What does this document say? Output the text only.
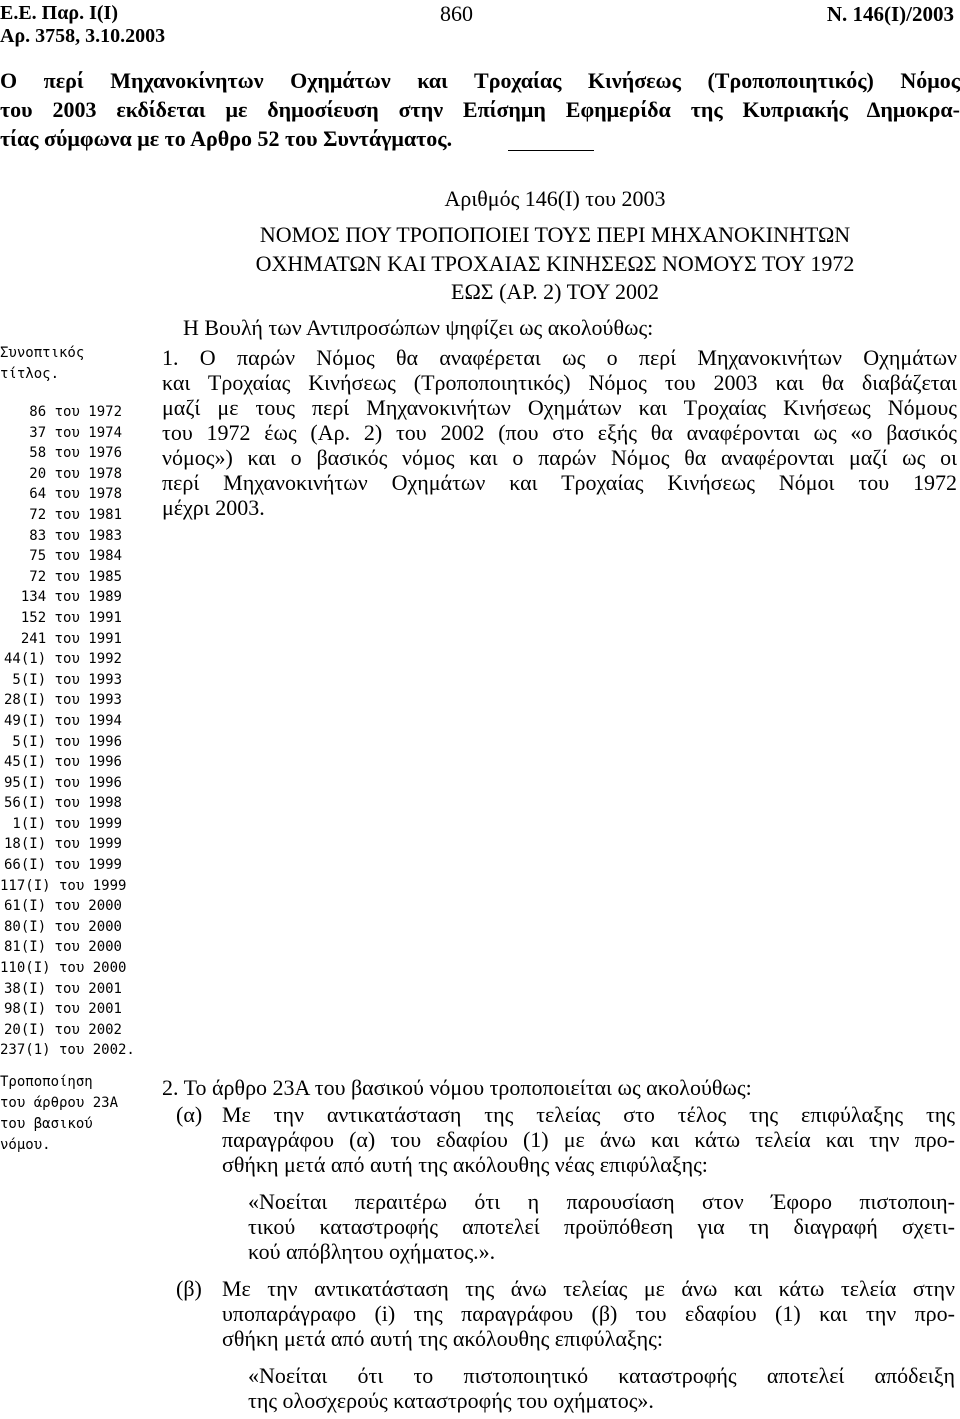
Ε.Ε. Παρ. Ι(Ι)
Αρ. 3758, 3.10.2003
860	Ν. 146(Ι)/2003
Ο περί Μηχανοκίνητων Οχημάτων και Τροχαίας Κινήσεως (Τροποποιητικός) Νόμος
του 2003 εκδίδεται με δημοσίευση στην Επίσημη Εφημερίδα της Κυπριακής Δημοκρα-
τίας σύμφωνα με το Αρθρο 52 του Συντάγματος.
Αριθμός 146(Ι) του 2003
ΝΟΜΟΣ ΠΟΥ ΤΡΟΠΟΠΟΙΕΙ ΤΟΥΣ ΠΕΡΙ ΜΗΧΑΝΟΚΙΝΗΤΩΝ
ΟΧΗΜΑΤΩΝ ΚΑΙ ΤΡΟΧΑΙΑΣ ΚΙΝΗΣΕΩΣ ΝΟΜΟΥΣ ΤΟΥ 1972
ΕΩΣ (ΑΡ. 2) ΤΟΥ 2002
Η Βουλή των Αντιπροσώπων ψηφίζει ως ακολούθως:
Συνοπτικός
τίτλος.
86 του 1972
37 του 1974
58 του 1976
20 του 1978
64 του 1978
72 του 1981
83 του 1983
75 του 1984
72 του 1985
134 του 1989
152 του 1991
241 του 1991
44(1) του 1992
5(Ι) του 1993
28(Ι) του 1993
49(Ι) του 1994
5(Ι) του 1996
45(Ι) του 1996
95(Ι) του 1996
56(Ι) του 1998
1(Ι) του 1999
18(Ι) του 1999
66(Ι) του 1999
117(Ι) του 1999
61(Ι) του 2000
80(Ι) του 2000
81(Ι) του 2000
110(Ι) του 2000
38(Ι) του 2001
98(Ι) του 2001
20(Ι) του 2002
237(1) του 2002.
Τροποποίηση
του άρθρου 23Α
του βασικού
νόμου.
1. Ο παρών Νόμος θα αναφέρεται ως ο περί Μηχανοκινήτων Οχημάτων
και Τροχαίας Κινήσεως (Τροποποιητικός) Νόμος του 2003 και θα διαβάζεται
μαζί με τους περί Μηχανοκινήτων Οχημάτων και Τροχαίας Κινήσεως Νόμους
του 1972 έως (Αρ. 2) του 2002 (που στο εξής θα αναφέρονται ως «ο βασικός
νόμος») και ο βασικός νόμος και ο παρών Νόμος θα αναφέρονται μαζί ως οι
περί Μηχανοκινήτων Οχημάτων και Τροχαίας Κινήσεως Νόμοι του 1972
μέχρι 2003.
2. Το άρθρο 23Α του βασικού νόμου τροποποιείται ως ακολούθως:
(α) Με την αντικατάσταση της τελείας στο τέλος της επιφύλαξης της
παραγράφου (α) του εδαφίου (1) με άνω και κάτω τελεία και την προ-
σθήκη μετά από αυτή της ακόλουθης νέας επιφύλαξης:
«Νοείται περαιτέρω ότι η παρουσίαση στον Έφορο πιστοποιη-
τικού καταστροφής αποτελεί προϋπόθεση για τη διαγραφή σχετι-
κού απόβλητου οχήματος.».
(β) Με την αντικατάσταση της άνω τελείας με άνω και κάτω τελεία στην
υποπαράγραφο (i) της παραγράφου (β) του εδαφίου (1) και την προ-
σθήκη μετά από αυτή της ακόλουθης επιφύλαξης:
«Νοείται ότι το πιστοποιητικό καταστροφής αποτελεί απόδειξη
της ολοσχερούς καταστροφής του οχήματος».
